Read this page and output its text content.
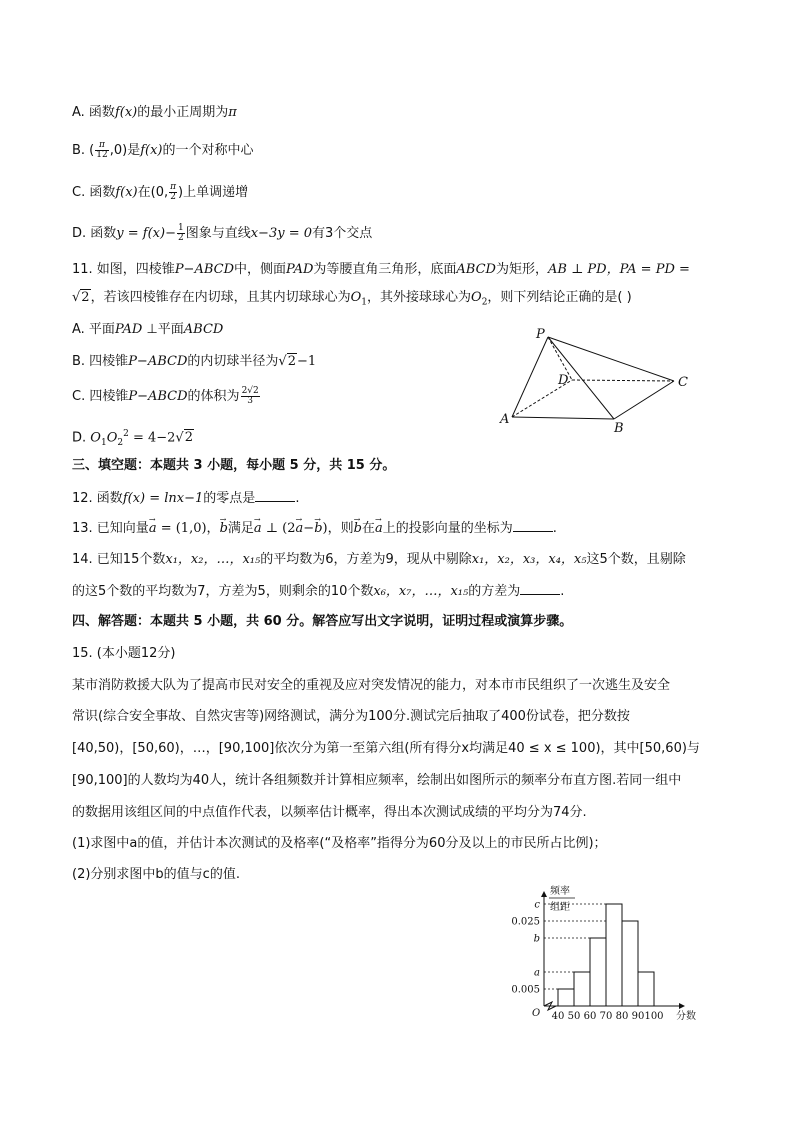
A. 函数f(x)的最小正周期为π
B. ( $\frac{\pi}{12} ,0$)是f(x)的一个对称中心
C. 函数f(x)在(0, $\frac{\pi}{2}$ )上单调递增
D. 函数$y = f(x)- \frac{1}{2}$ 图象与直线x−3y = 0有3个交点
11. 如图，四棱锥P−ABCD中，侧面PAD为等腰直角三角形，底面ABCD为矩形，AB ⊥ PD，PA = PD =
√2，若该四棱锥存在内切球，且其内切球球心为$O_1$，其外接球球心为$O_2$，则下列结论正确的是( )
A. 平面PAD ⊥平面ABCD
B. 四棱锥P−ABCD的内切球半径为√2−1
C. 四棱锥P−ABCD的体积为 $\frac{2√2}{3}$
D. $O_1O_2^2 = 4-2√2$
P
D	C
A
B
三、填空题：本题共 3 小题，每小题 5 分，共 15 分。
12. 函数f(x) = lnx−1的零点是	.
13. 已知向量→ a = (1,0)，→ b满足→ a ⊥ (2→ a−→ b)，则→ b在→ a上的投影向量的坐标为	.
14. 已知15个数x₁，x₂，…，x₁₅的平均数为6，方差为9，现从中剔除x₁，x₂，x₃，x₄，x₅这5个数，且剔除
的这5个数的平均数为7，方差为5，则剩余的10个数x₆，x₇，…，x₁₅的方差为	.
四、解答题：本题共 5 小题，共 60 分。解答应写出文字说明，证明过程或演算步骤。
15. (本小题12分)
某市消防救援大队为了提高市民对安全的重视及应对突发情况的能力，对本市市民组织了一次逃生及安全
常识(综合安全事故、自然灾害等)网络测试，满分为100分.测试完后抽取了400份试卷，把分数按
[40,50)，[50,60)，…，[90,100]依次分为第一至第六组(所有得分x均满足40 ≤ x ≤ 100)，其中[50,60)与
[90,100]的人数均为40人，统计各组频数并计算相应频率，绘制出如图所示的频率分布直方图.若同一组中
的数据用该组区间的中点值作代表，以频率估计概率，得出本次测试成绩的平均分为74分.
(1)求图中a的值，并估计本次测试的及格率(“及格率”指得分为60分及以上的市民所占比例)；
(2)分别求图中b的值与c的值.
频率
组距
分数
O
c
0.025
b
a
0.005
40 50 60 70 80 90 100
